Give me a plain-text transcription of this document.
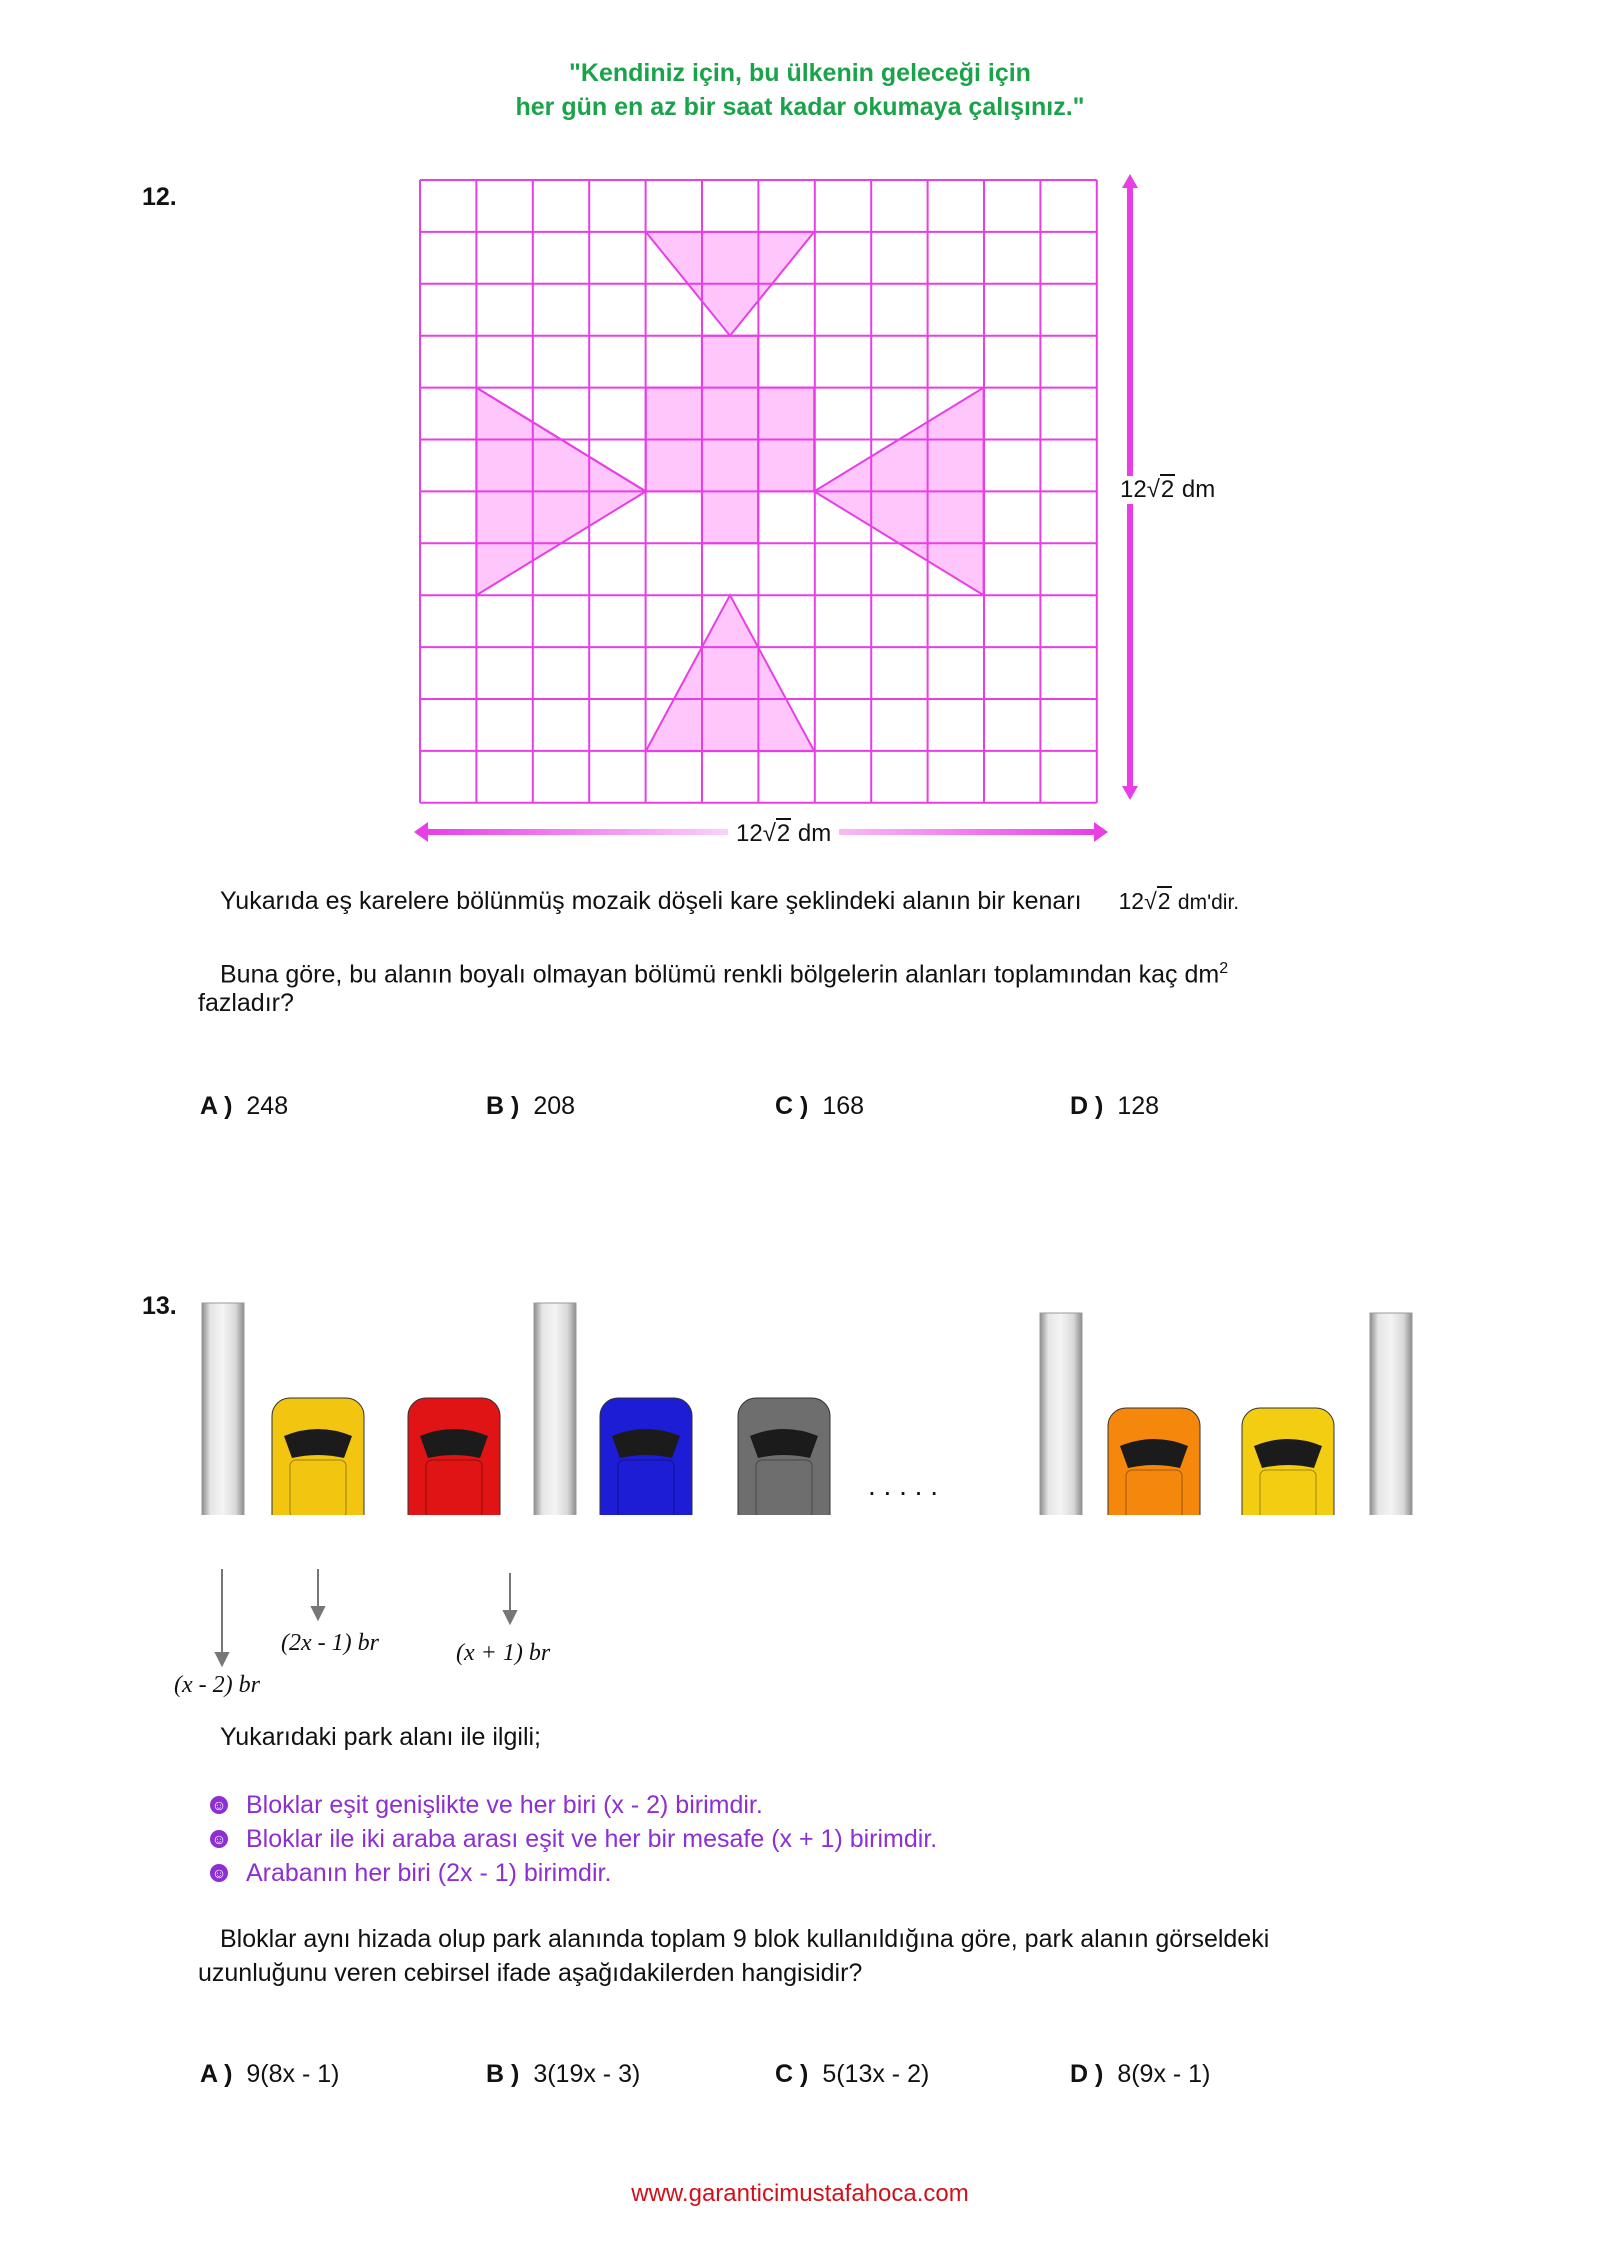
"Kendiniz için, bu ülkenin geleceği için
her gün en az bir saat kadar okumaya çalışınız."
12.
12√2 dm
12√2 dm
Yukarıda eş karelere bölünmüş mozaik döşeli kare şeklindeki alanın bir kenarı 12√2 dm'dir.
Buna göre, bu alanın boyalı olmayan bölümü renkli bölgelerin alanları toplamından kaç $dm^2$
fazladır?
A ) 248	B ) 208	C ) 168	D ) 128
13.
. . . . .
(2x - 1) br	(x + 1) br
(x - 2) br
Yukarıdaki park alanı ile ilgili;
☺ Bloklar eşit genişlikte ve her biri (x - 2) birimdir.
☺ Bloklar ile iki araba arası eşit ve her bir mesafe (x + 1) birimdir.
☺ Arabanın her biri (2x - 1) birimdir.
Bloklar aynı hizada olup park alanında toplam 9 blok kullanıldığına göre, park alanın görseldeki
uzunluğunu veren cebirsel ifade aşağıdakilerden hangisidir?
A ) 9(8x - 1)	B ) 3(19x - 3)	C ) 5(13x - 2)	D ) 8(9x - 1)
www.garanticimustafahoca.com
